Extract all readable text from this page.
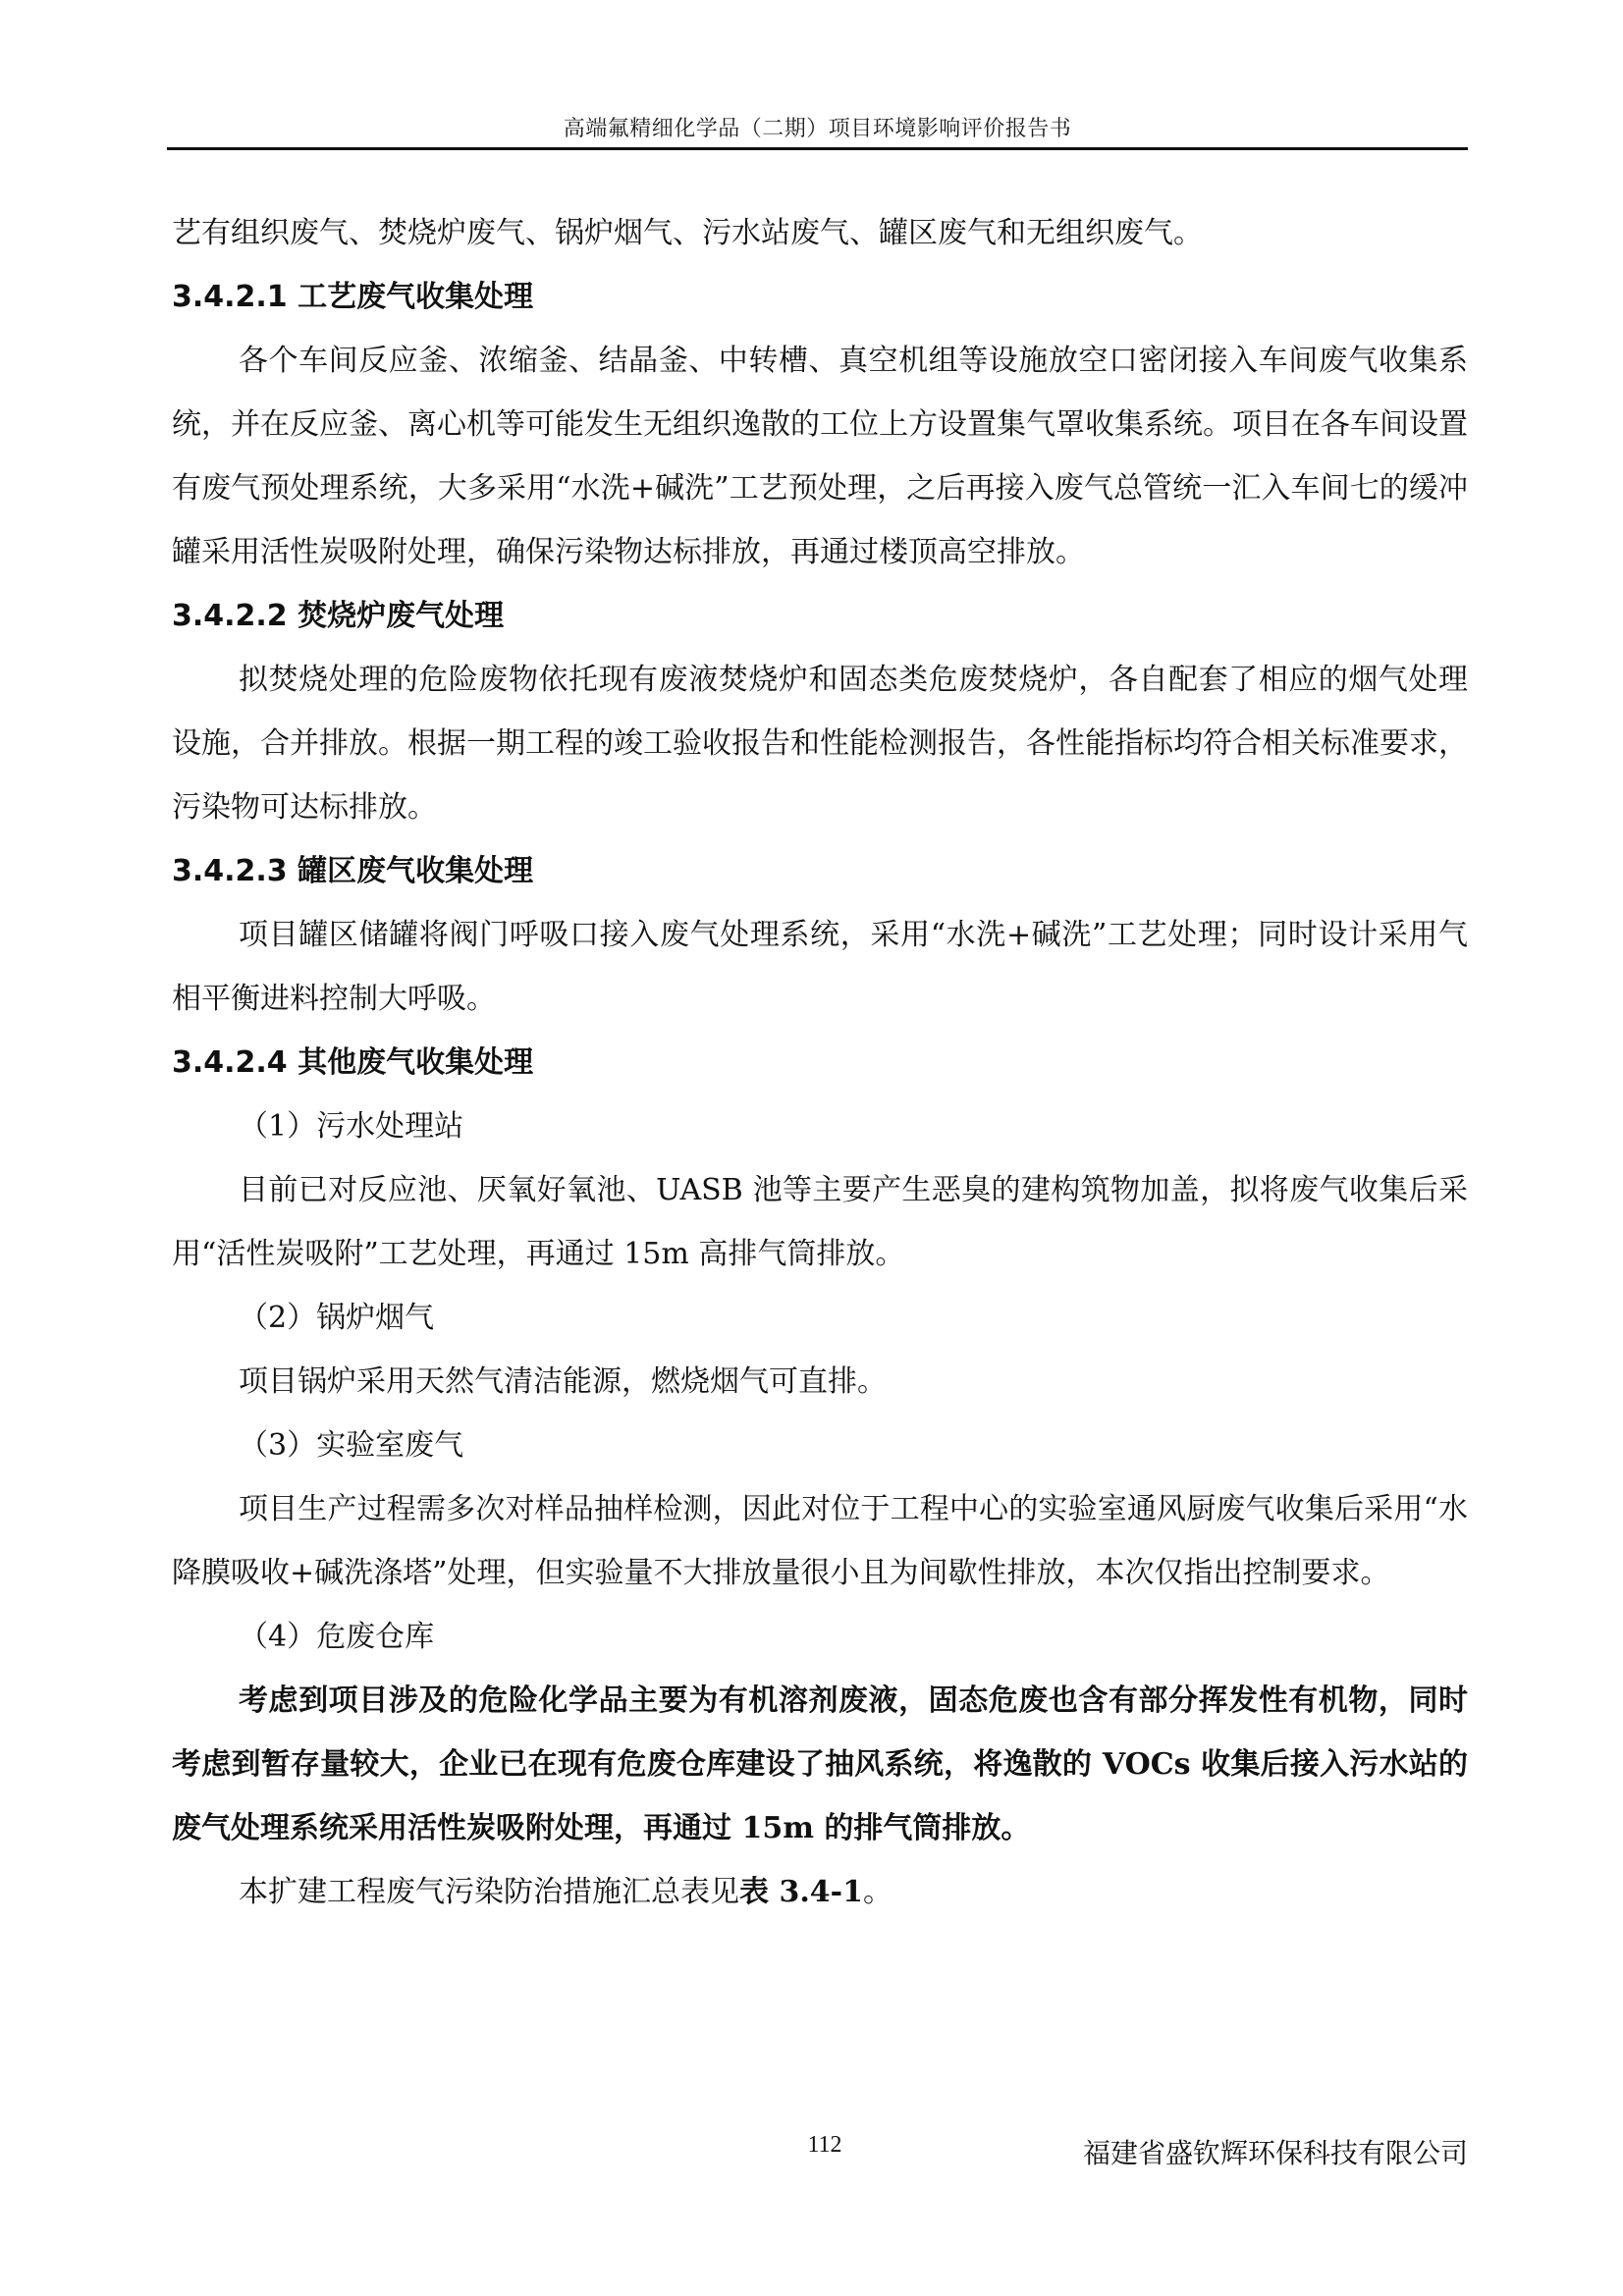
高端氟精细化学品（二期）项目环境影响评价报告书

艺有组织废气、焚烧炉废气、锅炉烟气、污水站废气、罐区废气和无组织废气。

3.4.2.1 工艺废气收集处理

各个车间反应釜、浓缩釜、结晶釜、中转槽、真空机组等设施放空口密闭接入车间废气收集系统，并在反应釜、离心机等可能发生无组织逸散的工位上方设置集气罩收集系统。项目在各车间设置有废气预处理系统，大多采用“水洗+碱洗”工艺预处理，之后再接入废气总管统一汇入车间七的缓冲罐采用活性炭吸附处理，确保污染物达标排放，再通过楼顶高空排放。

3.4.2.2 焚烧炉废气处理

拟焚烧处理的危险废物依托现有废液焚烧炉和固态类危废焚烧炉，各自配套了相应的烟气处理设施，合并排放。根据一期工程的竣工验收报告和性能检测报告，各性能指标均符合相关标准要求，污染物可达标排放。

3.4.2.3 罐区废气收集处理

项目罐区储罐将阀门呼吸口接入废气处理系统，采用“水洗+碱洗”工艺处理；同时设计采用气相平衡进料控制大呼吸。

3.4.2.4 其他废气收集处理

（1）污水处理站

目前已对反应池、厌氧好氧池、UASB 池等主要产生恶臭的建构筑物加盖，拟将废气收集后采用“活性炭吸附”工艺处理，再通过 15m 高排气筒排放。

（2）锅炉烟气

项目锅炉采用天然气清洁能源，燃烧烟气可直排。

（3）实验室废气

项目生产过程需多次对样品抽样检测，因此对位于工程中心的实验室通风厨废气收集后采用“水降膜吸收+碱洗涤塔”处理，但实验量不大排放量很小且为间歇性排放，本次仅指出控制要求。

（4）危废仓库

考虑到项目涉及的危险化学品主要为有机溶剂废液，固态危废也含有部分挥发性有机物，同时考虑到暂存量较大，企业已在现有危废仓库建设了抽风系统，将逸散的 VOCs 收集后接入污水站的废气处理系统采用活性炭吸附处理，再通过 15m 的排气筒排放。

本扩建工程废气污染防治措施汇总表见表 3.4-1。

112	福建省盛钦辉环保科技有限公司
